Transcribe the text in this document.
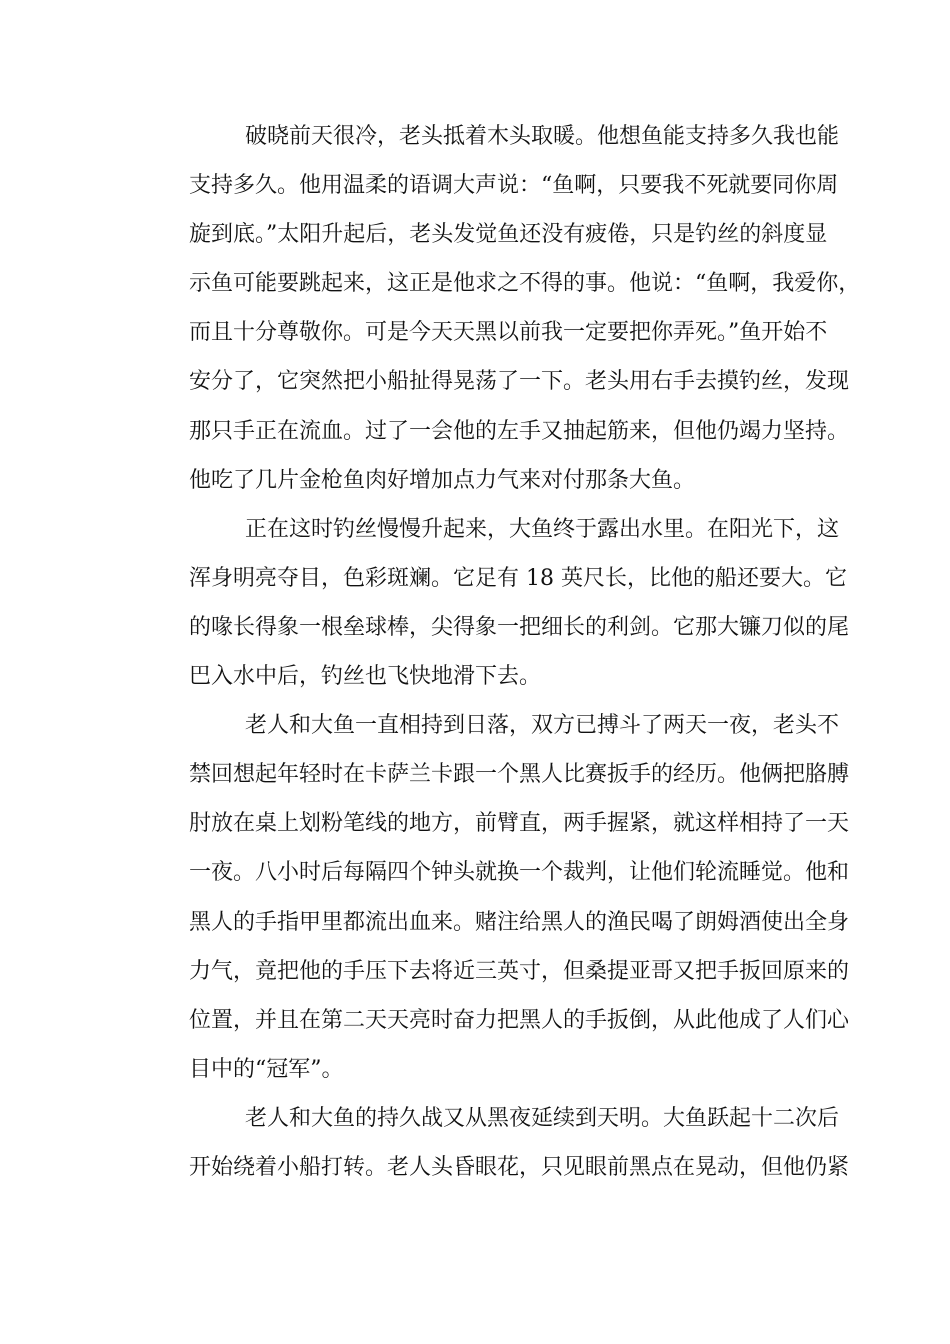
破晓前天很冷，老头抵着木头取暖。他想鱼能支持多久我也能
支持多久。他用温柔的语调大声说：“鱼啊，只要我不死就要同你周
旋到底。”太阳升起后，老头发觉鱼还没有疲倦，只是钓丝的斜度显
示鱼可能要跳起来，这正是他求之不得的事。他说：“鱼啊，我爱你，
而且十分尊敬你。可是今天天黑以前我一定要把你弄死。”鱼开始不
安分了，它突然把小船扯得晃荡了一下。老头用右手去摸钓丝，发现
那只手正在流血。过了一会他的左手又抽起筋来，但他仍竭力坚持。
他吃了几片金枪鱼肉好增加点力气来对付那条大鱼。
正在这时钓丝慢慢升起来，大鱼终于露出水里。在阳光下，这
浑身明亮夺目，色彩斑斓。它足有 18 英尺长，比他的船还要大。它
的喙长得象一根垒球棒，尖得象一把细长的利剑。它那大镰刀似的尾
巴入水中后，钓丝也飞快地滑下去。
老人和大鱼一直相持到日落，双方已搏斗了两天一夜，老头不
禁回想起年轻时在卡萨兰卡跟一个黑人比赛扳手的经历。他俩把胳膊
肘放在桌上划粉笔线的地方，前臂直，两手握紧，就这样相持了一天
一夜。八小时后每隔四个钟头就换一个裁判，让他们轮流睡觉。他和
黑人的手指甲里都流出血来。赌注给黑人的渔民喝了朗姆酒使出全身
力气，竟把他的手压下去将近三英寸，但桑提亚哥又把手扳回原来的
位置，并且在第二天天亮时奋力把黑人的手扳倒，从此他成了人们心
目中的“冠军”。
老人和大鱼的持久战又从黑夜延续到天明。大鱼跃起十二次后
开始绕着小船打转。老人头昏眼花，只见眼前黑点在晃动，但他仍紧
